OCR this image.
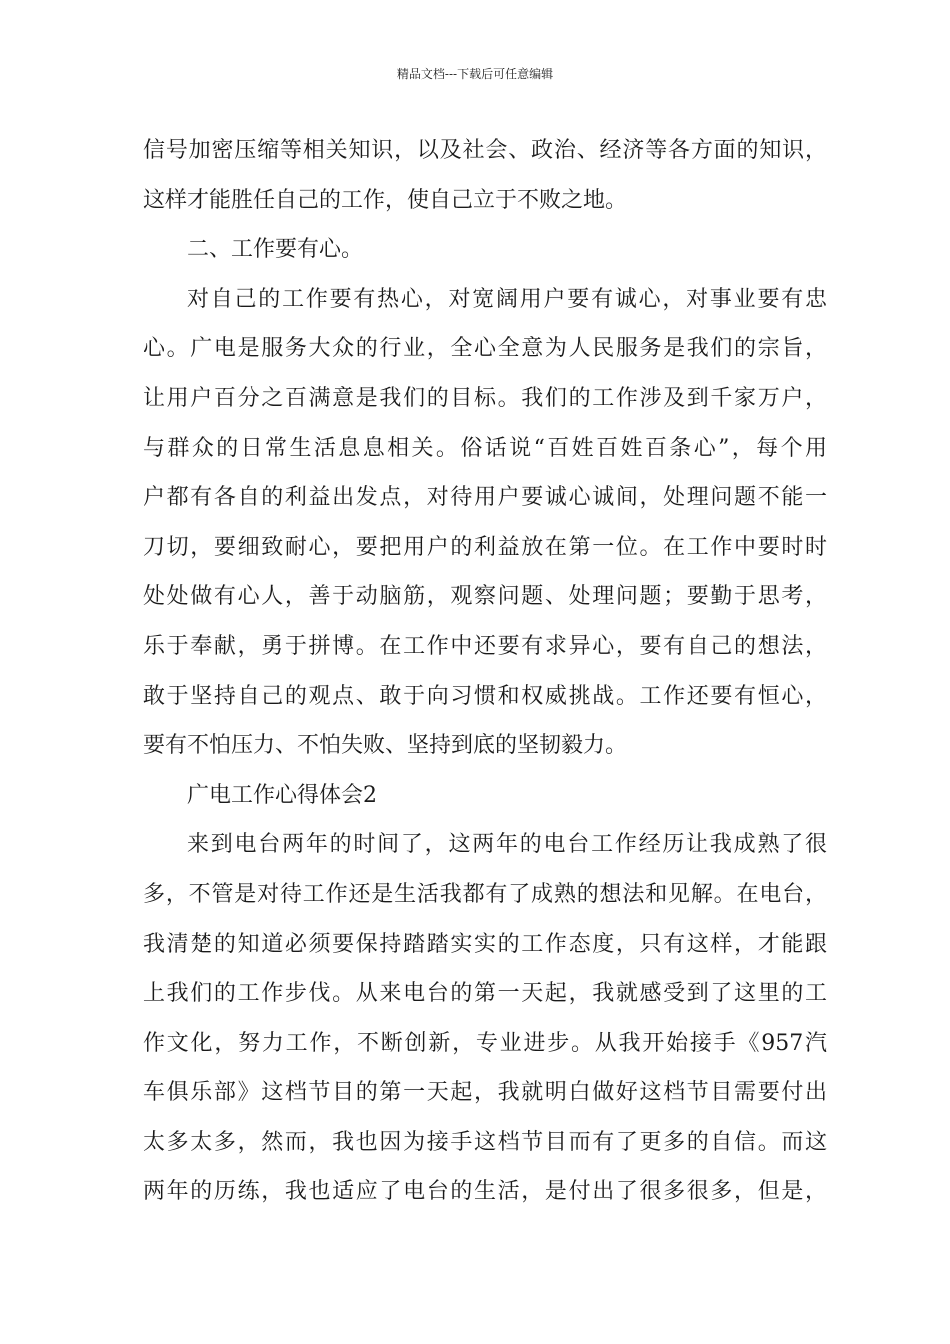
精品文档---下载后可任意编辑
信号加密压缩等相关知识，以及社会、政治、经济等各方面的知识，
这样才能胜任自己的工作，使自己立于不败之地。
二、工作要有心。
对自己的工作要有热心，对宽阔用户要有诚心，对事业要有忠
心。广电是服务大众的行业，全心全意为人民服务是我们的宗旨，
让用户百分之百满意是我们的目标。我们的工作涉及到千家万户，
与群众的日常生活息息相关。俗话说“百姓百姓百条心”，每个用
户都有各自的利益出发点，对待用户要诚心诚间，处理问题不能一
刀切，要细致耐心，要把用户的利益放在第一位。在工作中要时时
处处做有心人，善于动脑筋，观察问题、处理问题；要勤于思考，
乐于奉献，勇于拼博。在工作中还要有求异心，要有自己的想法，
敢于坚持自己的观点、敢于向习惯和权威挑战。工作还要有恒心，
要有不怕压力、不怕失败、坚持到底的坚韧毅力。
广电工作心得体会2
来到电台两年的时间了，这两年的电台工作经历让我成熟了很
多，不管是对待工作还是生活我都有了成熟的想法和见解。在电台，
我清楚的知道必须要保持踏踏实实的工作态度，只有这样，才能跟
上我们的工作步伐。从来电台的第一天起，我就感受到了这里的工
作文化，努力工作，不断创新，专业进步。从我开始接手《957汽
车俱乐部》这档节目的第一天起，我就明白做好这档节目需要付出
太多太多，然而，我也因为接手这档节目而有了更多的自信。而这
两年的历练，我也适应了电台的生活，是付出了很多很多，但是，
